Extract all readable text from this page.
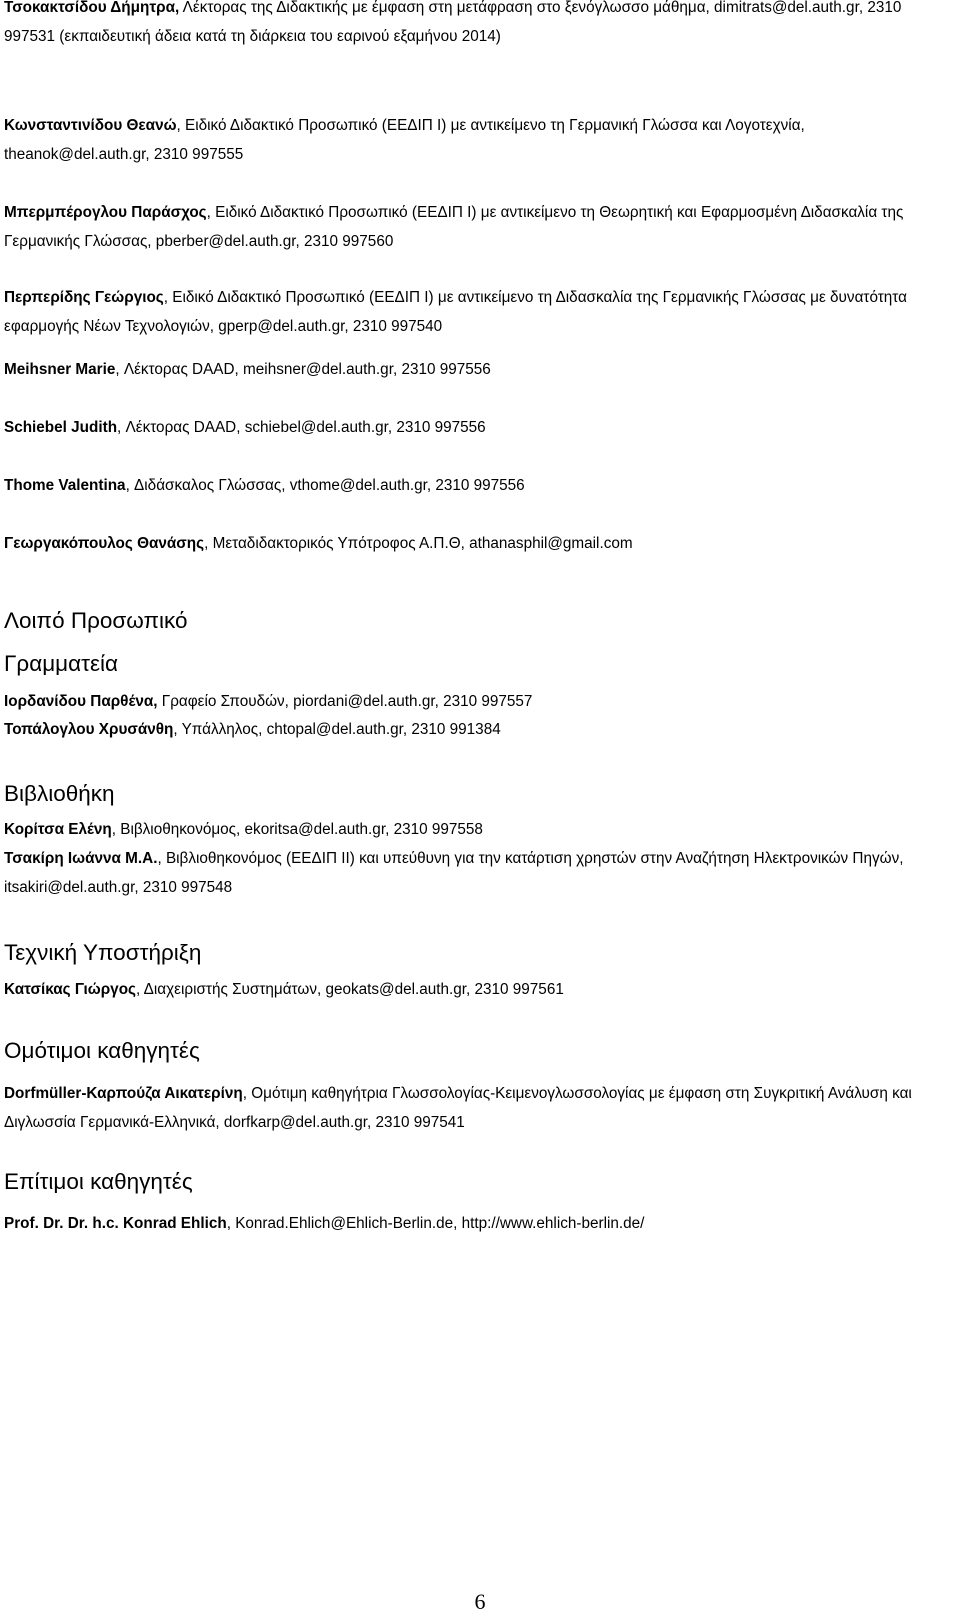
Τσοκακτσίδου Δήμητρα, Λέκτορας της Διδακτικής με έμφαση στη μετάφραση στο ξενόγλωσσο μάθημα, dimitrats@del.auth.gr, 2310 997531 (εκπαιδευτική άδεια κατά τη διάρκεια του εαρινού εξαμήνου 2014)
Κωνσταντινίδου Θεανώ, Ειδικό Διδακτικό Προσωπικό (ΕΕΔΙΠ Ι) με αντικείμενο τη Γερμανική Γλώσσα και Λογοτεχνία, theanok@del.auth.gr, 2310 997555
Μπερμπέρογλου Παράσχος, Ειδικό Διδακτικό Προσωπικό (ΕΕΔΙΠ Ι) με αντικείμενο τη Θεωρητική και Εφαρμοσμένη Διδασκαλία της Γερμανικής Γλώσσας, pberber@del.auth.gr, 2310 997560
Περπερίδης Γεώργιος, Ειδικό Διδακτικό Προσωπικό (ΕΕΔΙΠ Ι) με αντικείμενο τη Διδασκαλία της Γερμανικής Γλώσσας με δυνατότητα εφαρμογής Νέων Τεχνολογιών, gperp@del.auth.gr, 2310 997540
Meihsner Marie, Λέκτορας DAAD, meihsner@del.auth.gr, 2310 997556
Schiebel Judith, Λέκτορας DAAD, schiebel@del.auth.gr, 2310 997556
Thome Valentina, Διδάσκαλος Γλώσσας, vthome@del.auth.gr, 2310 997556
Γεωργακόπουλος Θανάσης, Μεταδιδακτορικός Υπότροφος Α.Π.Θ, athanasphil@gmail.com
Λοιπό Προσωπικό
Γραμματεία
Ιορδανίδου Παρθένα, Γραφείο Σπουδών, piordani@del.auth.gr, 2310 997557
Τοπάλογλου Χρυσάνθη, Υπάλληλος, chtopal@del.auth.gr, 2310 991384
Βιβλιοθήκη
Κορίτσα Ελένη, Βιβλιοθηκονόμος, ekoritsa@del.auth.gr, 2310 997558
Τσακίρη Ιωάννα Μ.Α., Βιβλιοθηκονόμος (ΕΕΔΙΠ ΙΙ) και υπεύθυνη για την κατάρτιση χρηστών στην Αναζήτηση Ηλεκτρονικών Πηγών, itsakiri@del.auth.gr, 2310 997548
Τεχνική Υποστήριξη
Κατσίκας Γιώργος, Διαχειριστής Συστημάτων, geokats@del.auth.gr, 2310 997561
Ομότιμοι καθηγητές
Dorfmüller-Καρπούζα Αικατερίνη, Ομότιμη καθηγήτρια Γλωσσολογίας-Κειμενογλωσσολογίας με έμφαση στη Συγκριτική Ανάλυση και Διγλωσσία Γερμανικά-Ελληνικά, dorfkarp@del.auth.gr, 2310 997541
Επίτιμοι καθηγητές
Prof. Dr. Dr. h.c. Konrad Ehlich, Konrad.Ehlich@Ehlich-Berlin.de, http://www.ehlich-berlin.de/
6
